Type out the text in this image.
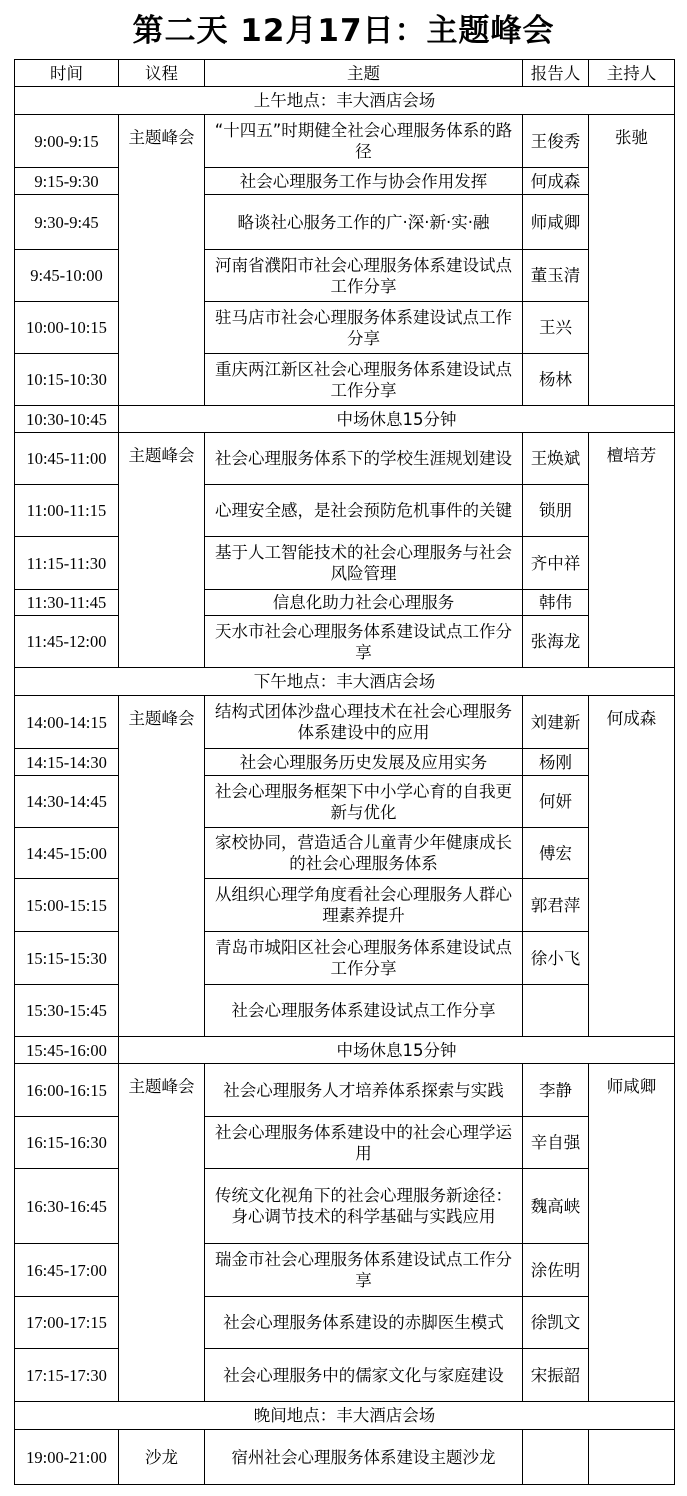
第二天 12月17日：主题峰会
时间	议程	主题	报告人	主持人
上午地点：丰大酒店会场				
9:00-9:15	主题峰会	“十四五”时期健全社会心理服务体系的路径	王俊秀	张驰
9:15-9:30		社会心理服务工作与协会作用发挥	何成森	
9:30-9:45		略谈社心服务工作的广·深·新·实·融	师咸卿	
9:45-10:00		河南省濮阳市社会心理服务体系建设试点工作分享	董玉清	
10:00-10:15		驻马店市社会心理服务体系建设试点工作分享	王兴	
10:15-10:30		重庆两江新区社会心理服务体系建设试点工作分享	杨林	
10:30-10:45	中场休息15分钟			
10:45-11:00	主题峰会	社会心理服务体系下的学校生涯规划建设	王焕斌	檀培芳
11:00-11:15		心理安全感，是社会预防危机事件的关键	锁朋	
11:15-11:30		基于人工智能技术的社会心理服务与社会风险管理	齐中祥	
11:30-11:45		信息化助力社会心理服务	韩伟	
11:45-12:00		天水市社会心理服务体系建设试点工作分享	张海龙	
下午地点：丰大酒店会场				
14:00-14:15	主题峰会	结构式团体沙盘心理技术在社会心理服务体系建设中的应用	刘建新	何成森
14:15-14:30		社会心理服务历史发展及应用实务	杨刚	
14:30-14:45		社会心理服务框架下中小学心育的自我更新与优化	何妍	
14:45-15:00		家校协同，营造适合儿童青少年健康成长的社会心理服务体系	傅宏	
15:00-15:15		从组织心理学角度看社会心理服务人群心理素养提升	郭君萍	
15:15-15:30		青岛市城阳区社会心理服务体系建设试点工作分享	徐小飞	
15:30-15:45		社会心理服务体系建设试点工作分享		
15:45-16:00	中场休息15分钟			
16:00-16:15	主题峰会	社会心理服务人才培养体系探索与实践	李静	师咸卿
16:15-16:30		社会心理服务体系建设中的社会心理学运用	辛自强	
16:30-16:45		传统文化视角下的社会心理服务新途径：身心调节技术的科学基础与实践应用	魏高峡	
16:45-17:00		瑞金市社会心理服务体系建设试点工作分享	涂佐明	
17:00-17:15		社会心理服务体系建设的赤脚医生模式	徐凯文	
17:15-17:30		社会心理服务中的儒家文化与家庭建设	宋振韶	
晚间地点：丰大酒店会场				
19:00-21:00	沙龙	宿州社会心理服务体系建设主题沙龙		
